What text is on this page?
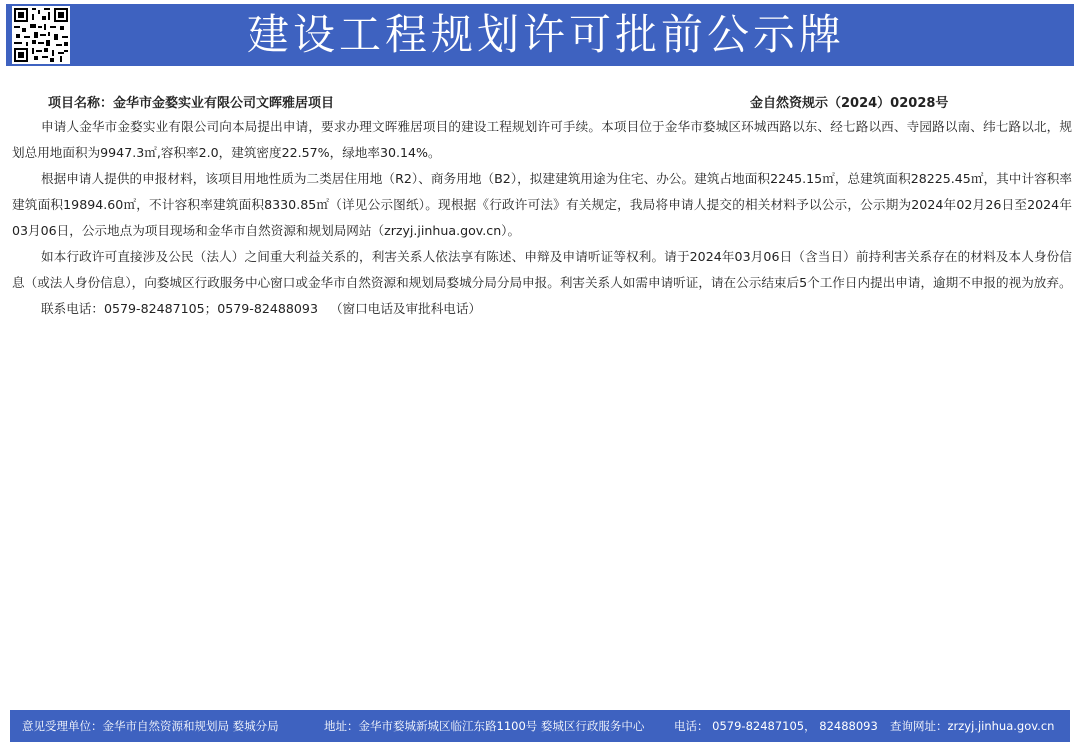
建设工程规划许可批前公示牌
项目名称：金华市金婺实业有限公司文晖雅居项目	金自然资规示（2024）02028号

申请人金华市金婺实业有限公司向本局提出申请，要求办理文晖雅居项目的建设工程规划许可手续。本项目位于金华市婺城区环城西路以东、经七路以西、寺园路以南、纬七路以北，规划总用地面积为9947.3㎡,容积率2.0，建筑密度22.57%，绿地率30.14%。

根据申请人提供的申报材料，该项目用地性质为二类居住用地（R2）、商务用地（B2），拟建建筑用途为住宅、办公。建筑占地面积2245.15㎡，总建筑面积28225.45㎡，其中计容积率建筑面积19894.60㎡，不计容积率建筑面积8330.85㎡（详见公示图纸）。现根据《行政许可法》有关规定，我局将申请人提交的相关材料予以公示，公示期为2024年02月26日至2024年03月06日，公示地点为项目现场和金华市自然资源和规划局网站（zrzyj.jinhua.gov.cn）。

如本行政许可直接涉及公民（法人）之间重大利益关系的，利害关系人依法享有陈述、申辩及申请听证等权利。请于2024年03月06日（含当日）前持利害关系存在的材料及本人身份信息（或法人身份信息），向婺城区行政服务中心窗口或金华市自然资源和规划局婺城分局分局申报。利害关系人如需申请听证，请在公示结束后5个工作日内提出申请，逾期不申报的视为放弃。

联系电话：0579-82487105；0579-82488093   （窗口电话及审批科电话）

意见受理单位：金华市自然资源和规划局 婺城分局	地址：金华市婺城新城区临江东路1100号 婺城区行政服务中心	电话： 0579-82487105， 82488093 查询网址：zrzyj.jinhua.gov.cn
